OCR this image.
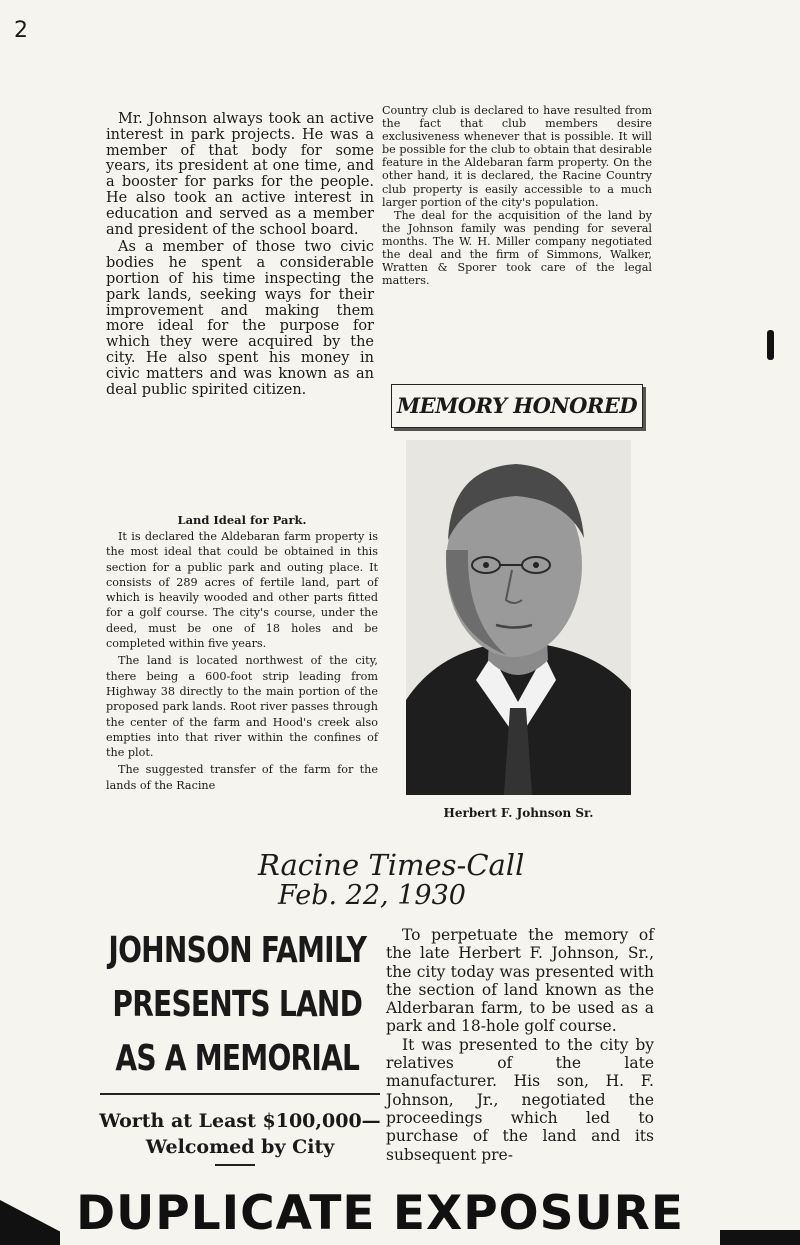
2

Mr. Johnson always took an active interest in park projects. He was a member of that body for some years, its president at one time, and a booster for parks for the people. He also took an active interest in education and served as a member and president of the school board.

As a member of those two civic bodies he spent a considerable portion of his time inspecting the park lands, seeking ways for their improvement and making them more ideal for the purpose for which they were acquired by the city. He also spent his money in civic matters and was known as an deal public spirited citizen.

Land Ideal for Park.

It is declared the Aldebaran farm property is the most ideal that could be obtained in this section for a public park and outing place. It consists of 289 acres of fertile land, part of which is heavily wooded and other parts fitted for a golf course. The city's course, under the deed, must be one of 18 holes and be completed within five years.

The land is located northwest of the city, there being a 600-foot strip leading from Highway 38 directly to the main portion of the proposed park lands. Root river passes through the center of the farm and Hood's creek also empties into that river within the confines of the plot.

The suggested transfer of the farm for the lands of the Racine

Country club is declared to have resulted from the fact that club members desire exclusiveness whenever that is possible. It will be possible for the club to obtain that desirable feature in the Aldebaran farm property. On the other hand, it is declared, the Racine Country club property is easily accessible to a much larger portion of the city's population.

The deal for the acquisition of the land by the Johnson family was pending for several months. The W. H. Miller company negotiated the deal and the firm of Simmons, Walker, Wratten & Sporer took care of the legal matters.

MEMORY HONORED
Herbert F. Johnson Sr.
Racine Times-Call
Feb. 22, 1930
JOHNSON FAMILY
PRESENTS LAND
AS A MEMORIAL
Worth at Least $100,000—
Welcomed by City

To perpetuate the memory of the late Herbert F. Johnson, Sr., the city today was presented with the section of land known as the Alderbaran farm, to be used as a park and 18-hole golf course.

It was presented to the city by relatives of the late manufacturer. His son, H. F. Johnson, Jr., negotiated the proceedings which led to purchase of the land and its subsequent pre-

DUPLICATE EXPOSURE
